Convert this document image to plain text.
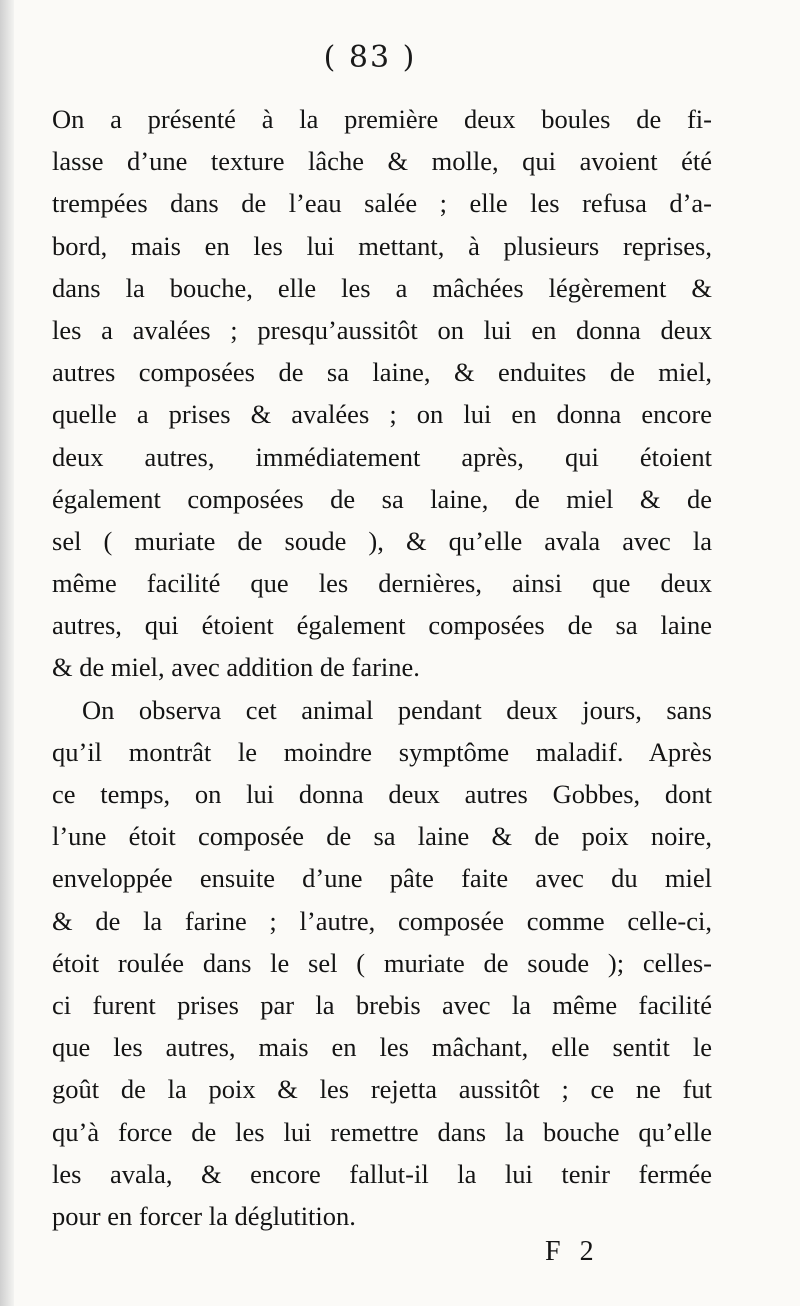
( 83 )
On a présenté à la première deux boules de fi-
lasse d’une texture lâche & molle, qui avoient été
trempées dans de l’eau salée ; elle les refusa d’a-
bord, mais en les lui mettant, à plusieurs reprises,
dans la bouche, elle les a mâchées légèrement &
les a avalées ; presqu’aussitôt on lui en donna deux
autres composées de sa laine, & enduites de miel,
quelle a prises & avalées ; on lui en donna encore
deux autres, immédiatement après, qui étoient
également composées de sa laine, de miel & de
sel ( muriate de soude ), & qu’elle avala avec la
même facilité que les dernières, ainsi que deux
autres, qui étoient également composées de sa laine
& de miel, avec addition de farine.
On observa cet animal pendant deux jours, sans
qu’il montrât le moindre symptôme maladif. Après
ce temps, on lui donna deux autres Gobbes, dont
l’une étoit composée de sa laine & de poix noire,
enveloppée ensuite d’une pâte faite avec du miel
& de la farine ; l’autre, composée comme celle-ci,
étoit roulée dans le sel ( muriate de soude ); celles-
ci furent prises par la brebis avec la même facilité
que les autres, mais en les mâchant, elle sentit le
goût de la poix & les rejetta aussitôt ; ce ne fut
qu’à force de les lui remettre dans la bouche qu’elle
les avala, & encore fallut-il la lui tenir fermée
pour en forcer la déglutition.
F 2
